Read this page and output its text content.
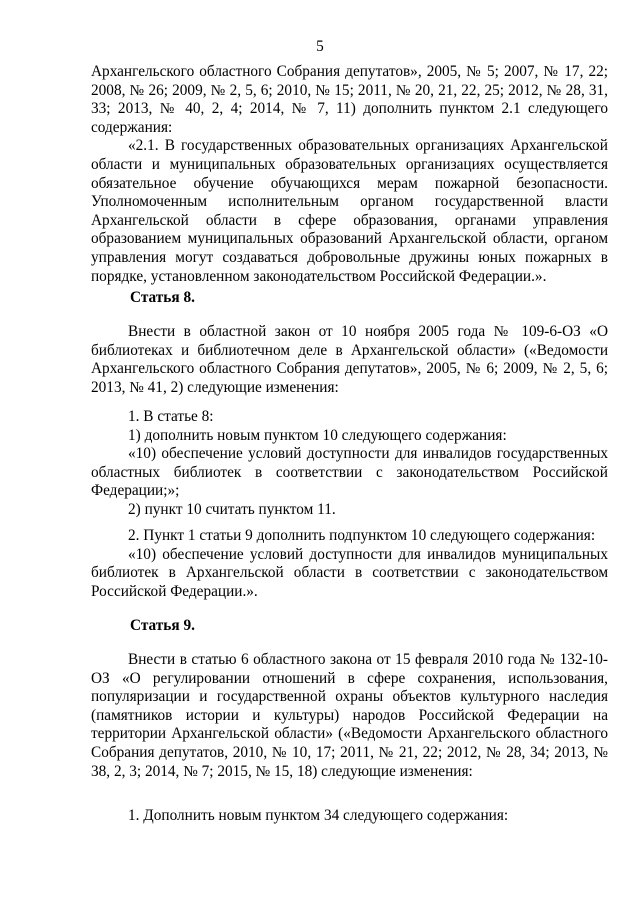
5

Архангельского областного Собрания депутатов», 2005, № 5; 2007, № 17, 22; 2008, № 26; 2009, № 2, 5, 6; 2010, № 15; 2011, № 20, 21, 22, 25; 2012, № 28, 31, 33; 2013, № 40, 2, 4; 2014, № 7, 11) дополнить пунктом 2.1 следующего содержания:

«2.1. В государственных образовательных организациях Архангельской области и муниципальных образовательных организациях осуществляется обязательное обучение обучающихся мерам пожарной безопасности. Уполномоченным исполнительным органом государственной власти Архангельской области в сфере образования, органами управления образованием муниципальных образований Архангельской области, органом управления могут создаваться добровольные дружины юных пожарных в порядке, установленном законодательством Российской Федерации.».

Статья 8.

Внести в областной закон от 10 ноября 2005 года № 109-6-ОЗ «О библиотеках и библиотечном деле в Архангельской области» («Ведомости Архангельского областного Собрания депутатов», 2005, № 6; 2009, № 2, 5, 6; 2013, № 41, 2) следующие изменения:

1. В статье 8:

1) дополнить новым пунктом 10 следующего содержания:

«10) обеспечение условий доступности для инвалидов государственных областных библиотек в соответствии с законодательством Российской Федерации;»;

2) пункт 10 считать пунктом 11.

2. Пункт 1 статьи 9 дополнить подпунктом 10 следующего содержания:

«10) обеспечение условий доступности для инвалидов муниципальных библиотек в Архангельской области в соответствии с законодательством Российской Федерации.».

Статья 9.

Внести в статью 6 областного закона от 15 февраля 2010 года № 132-10-ОЗ «О регулировании отношений в сфере сохранения, использования, популяризации и государственной охраны объектов культурного наследия (памятников истории и культуры) народов Российской Федерации на территории Архангельской области» («Ведомости Архангельского областного Собрания депутатов, 2010, № 10, 17; 2011, № 21, 22; 2012, № 28, 34; 2013, № 38, 2, 3; 2014, № 7; 2015, № 15, 18) следующие изменения:

1. Дополнить новым пунктом 34 следующего содержания:
